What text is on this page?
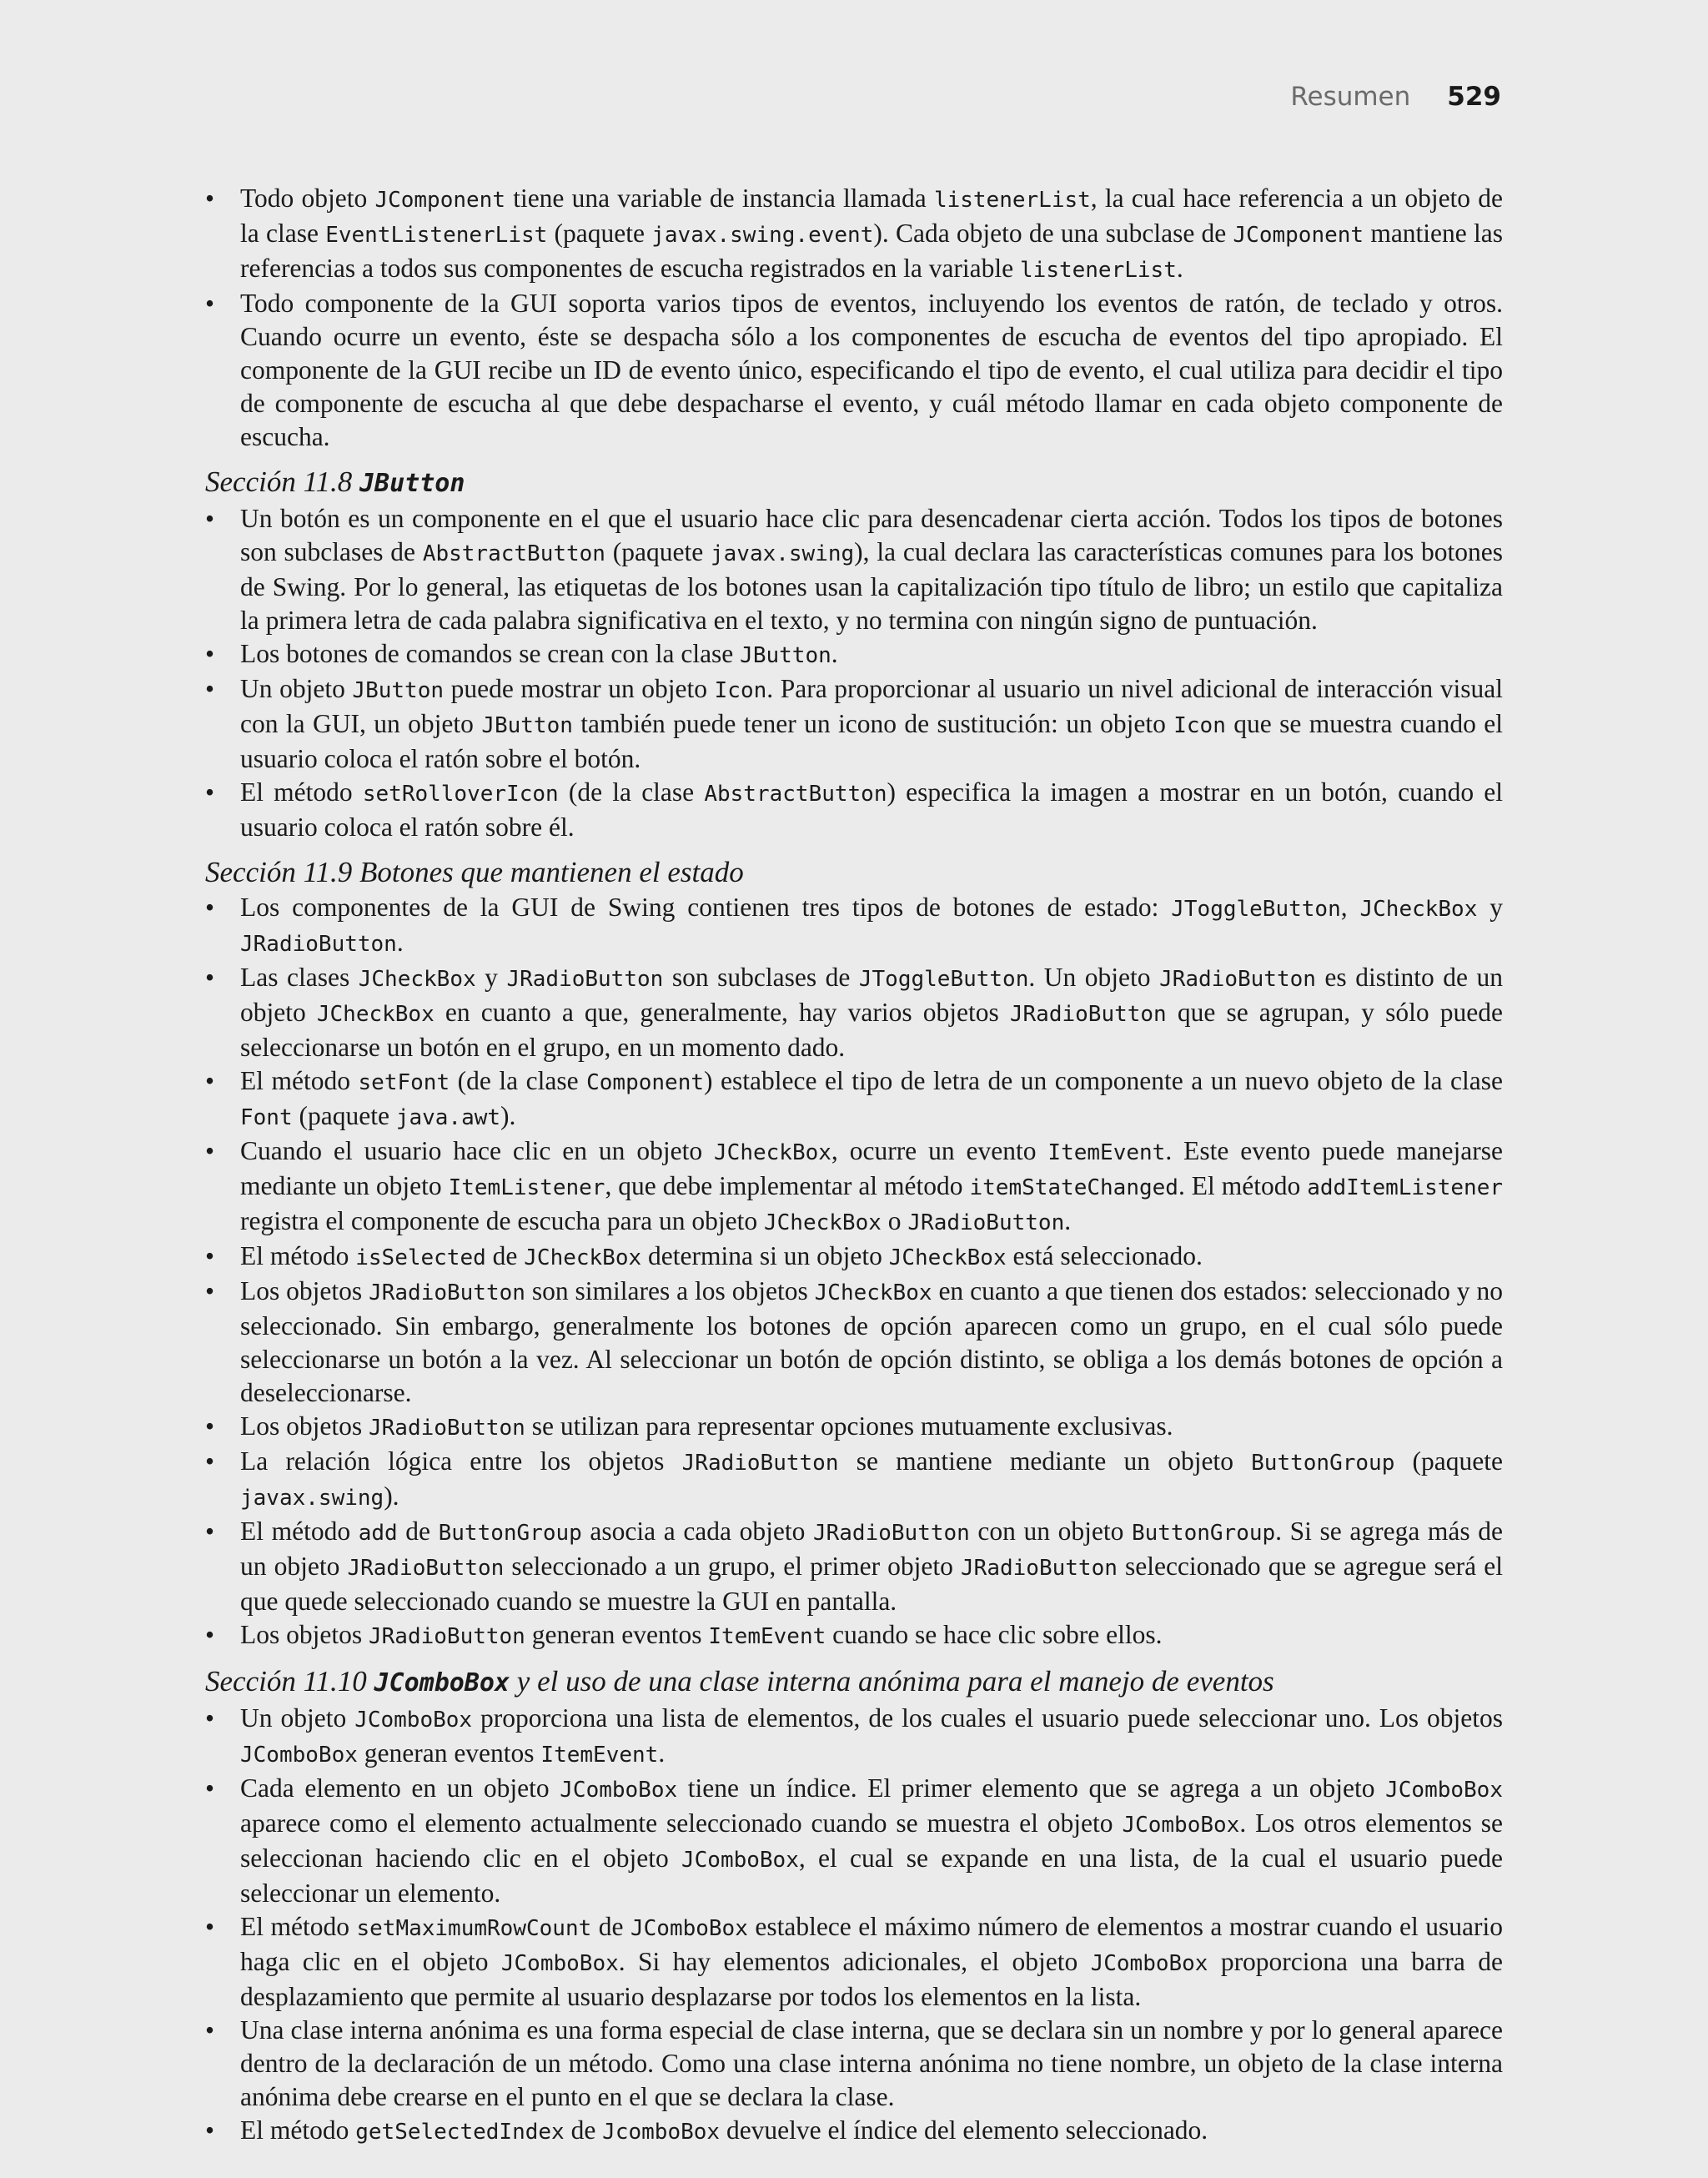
Resumen 529
• Todo objeto JComponent tiene una variable de instancia llamada listenerList, la cual hace referencia a un objeto de la clase EventListenerList (paquete javax.swing.event). Cada objeto de una subclase de JComponent mantiene las referencias a todos sus componentes de escucha registrados en la variable listenerList.
• Todo componente de la GUI soporta varios tipos de eventos, incluyendo los eventos de ratón, de teclado y otros. Cuando ocurre un evento, éste se despacha sólo a los componentes de escucha de eventos del tipo apropiado. El componente de la GUI recibe un ID de evento único, especificando el tipo de evento, el cual utiliza para decidir el tipo de componente de escucha al que debe despacharse el evento, y cuál método llamar en cada objeto componente de escucha.
Sección 11.8 JButton
• Un botón es un componente en el que el usuario hace clic para desencadenar cierta acción. Todos los tipos de botones son subclases de AbstractButton (paquete javax.swing), la cual declara las características comunes para los botones de Swing. Por lo general, las etiquetas de los botones usan la capitalización tipo título de libro; un estilo que capitaliza la primera letra de cada palabra significativa en el texto, y no termina con ningún signo de puntuación.
• Los botones de comandos se crean con la clase JButton.
• Un objeto JButton puede mostrar un objeto Icon. Para proporcionar al usuario un nivel adicional de interacción visual con la GUI, un objeto JButton también puede tener un icono de sustitución: un objeto Icon que se muestra cuando el usuario coloca el ratón sobre el botón.
• El método setRolloverIcon (de la clase AbstractButton) especifica la imagen a mostrar en un botón, cuando el usuario coloca el ratón sobre él.
Sección 11.9 Botones que mantienen el estado
• Los componentes de la GUI de Swing contienen tres tipos de botones de estado: JToggleButton, JCheckBox y JRadioButton.
• Las clases JCheckBox y JRadioButton son subclases de JToggleButton. Un objeto JRadioButton es distinto de un objeto JCheckBox en cuanto a que, generalmente, hay varios objetos JRadioButton que se agrupan, y sólo puede seleccionarse un botón en el grupo, en un momento dado.
• El método setFont (de la clase Component) establece el tipo de letra de un componente a un nuevo objeto de la clase Font (paquete java.awt).
• Cuando el usuario hace clic en un objeto JCheckBox, ocurre un evento ItemEvent. Este evento puede manejarse mediante un objeto ItemListener, que debe implementar al método itemStateChanged. El método addItemListener registra el componente de escucha para un objeto JCheckBox o JRadioButton.
• El método isSelected de JCheckBox determina si un objeto JCheckBox está seleccionado.
• Los objetos JRadioButton son similares a los objetos JCheckBox en cuanto a que tienen dos estados: seleccionado y no seleccionado. Sin embargo, generalmente los botones de opción aparecen como un grupo, en el cual sólo puede seleccionarse un botón a la vez. Al seleccionar un botón de opción distinto, se obliga a los demás botones de opción a deseleccionarse.
• Los objetos JRadioButton se utilizan para representar opciones mutuamente exclusivas.
• La relación lógica entre los objetos JRadioButton se mantiene mediante un objeto ButtonGroup (paquete javax.swing).
• El método add de ButtonGroup asocia a cada objeto JRadioButton con un objeto ButtonGroup. Si se agrega más de un objeto JRadioButton seleccionado a un grupo, el primer objeto JRadioButton seleccionado que se agregue será el que quede seleccionado cuando se muestre la GUI en pantalla.
• Los objetos JRadioButton generan eventos ItemEvent cuando se hace clic sobre ellos.
Sección 11.10 JComboBox y el uso de una clase interna anónima para el manejo de eventos
• Un objeto JComboBox proporciona una lista de elementos, de los cuales el usuario puede seleccionar uno. Los objetos JComboBox generan eventos ItemEvent.
• Cada elemento en un objeto JComboBox tiene un índice. El primer elemento que se agrega a un objeto JComboBox aparece como el elemento actualmente seleccionado cuando se muestra el objeto JComboBox. Los otros elementos se seleccionan haciendo clic en el objeto JComboBox, el cual se expande en una lista, de la cual el usuario puede seleccionar un elemento.
• El método setMaximumRowCount de JComboBox establece el máximo número de elementos a mostrar cuando el usuario haga clic en el objeto JComboBox. Si hay elementos adicionales, el objeto JComboBox proporciona una barra de desplazamiento que permite al usuario desplazarse por todos los elementos en la lista.
• Una clase interna anónima es una forma especial de clase interna, que se declara sin un nombre y por lo general aparece dentro de la declaración de un método. Como una clase interna anónima no tiene nombre, un objeto de la clase interna anónima debe crearse en el punto en el que se declara la clase.
• El método getSelectedIndex de JcomboBox devuelve el índice del elemento seleccionado.
